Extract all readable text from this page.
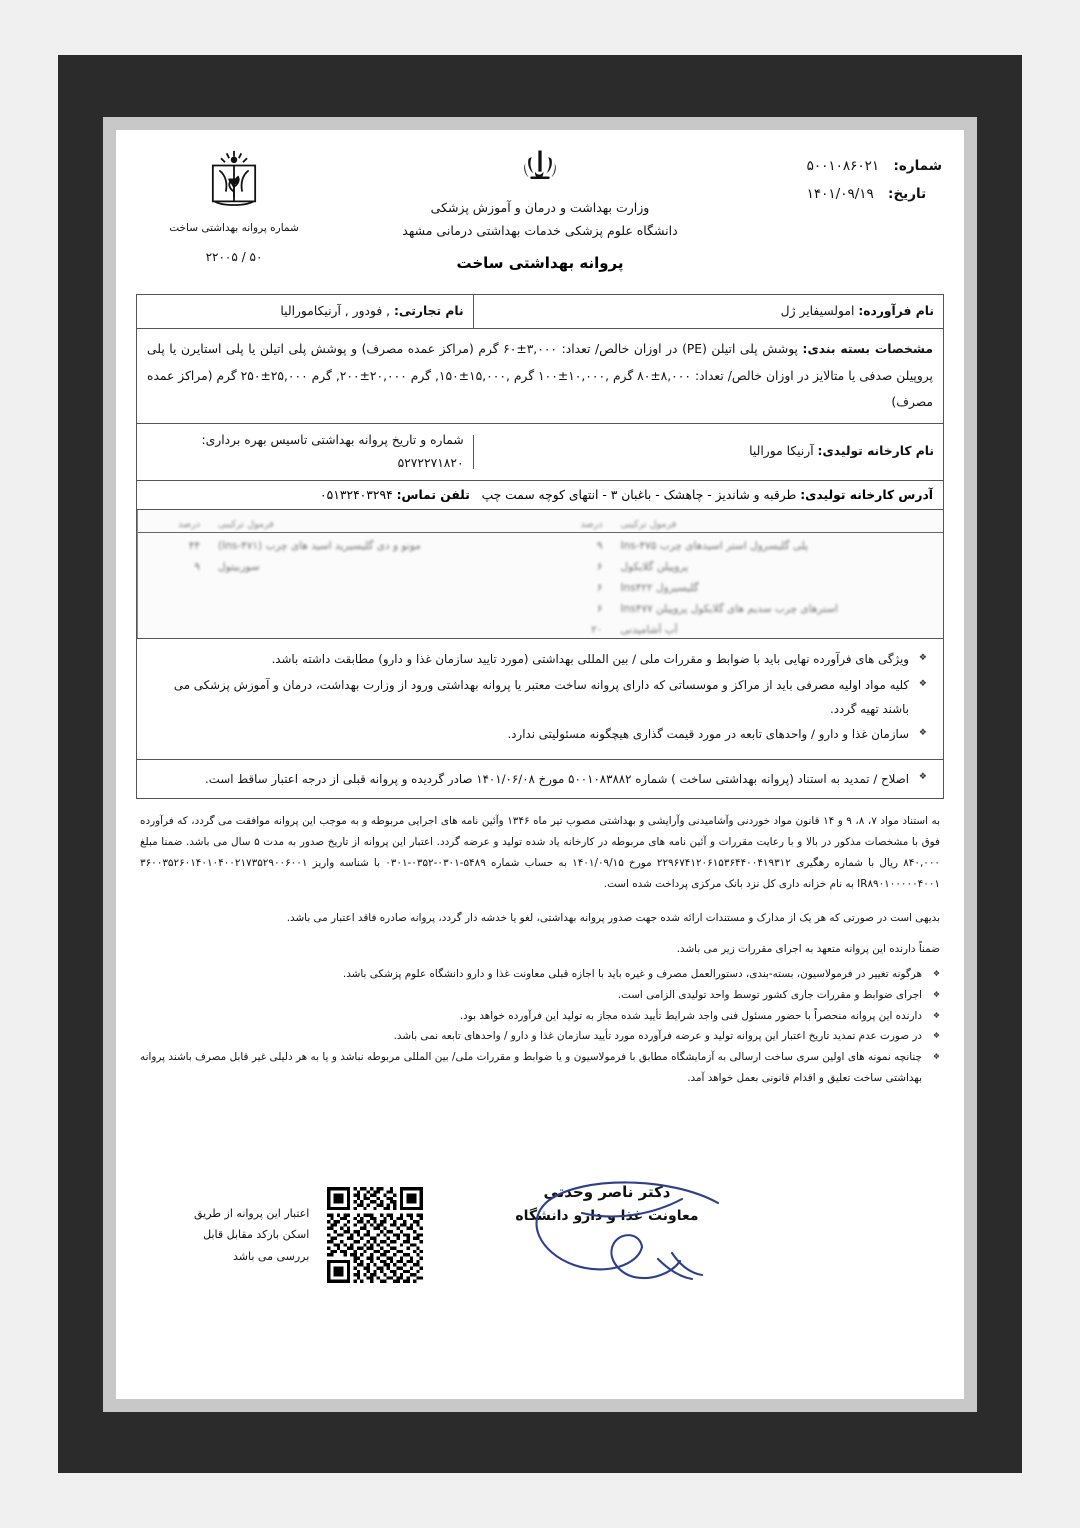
شماره: ۵۰۰۱۰۸۶۰۲۱
تاریخ: ۱۴۰۱/۰۹/۱۹
وزارت بهداشت و درمان و آموزش پزشکی
دانشگاه علوم پزشکی خدمات بهداشتی درمانی مشهد
پروانه بهداشتی ساخت
شماره پروانه بهداشتی ساخت
۵۰ / ۲۲۰۰۵
نام فرآورده: امولسیفایر ژل
نام تجارتی: , فودور , آرنیکاموراليا
مشخصات بسته بندی: پوشش پلی اتیلن (PE) در اوزان خالص/ تعداد: ۳,۰۰۰±۶۰ گرم (مراکز عمده مصرف) و پوشش پلی اتیلن یا پلی استایرن یا پلی پروپیلن صدفی یا متالایز در اوزان خالص/ تعداد: ۸,۰۰۰±۸۰ گرم ,۱۰,۰۰۰±۱۰۰ گرم ,۱۵,۰۰۰±۱۵۰, گرم ۲۰,۰۰۰±۲۰۰, گرم ۲۵,۰۰۰±۲۵۰ گرم (مراکز عمده مصرف)
نام کارخانه تولیدی: آرنیکا مورالیا
شماره و تاریخ پروانه بهداشتی تاسیس بهره برداری: ۵۲۷۲۲۷۱۸۲۰
آدرس کارخانه تولیدی: طرقبه و شاندیز - چاهشک - باغبان ۳ - انتهای کوچه سمت چپ   تلفن تماس: ۰۵۱۳۲۴۰۳۲۹۴
فرمول ترکیبی
درصد
پلی گلیسرول استر اسیدهای چرب Ins-۴۷۵
۹
پروپیلن گلایکول
۶
گلیسیرول Ins۴۲۲
۶
استرهای چرب سدیم های گلایکول پروپیلن Ins۴۷۷
۶
آب آشامیدنی
۲۰
فرمول ترکیبی
درصد
مونو و دی گلیسیرید اسید های چرب (Ins-۴۷۱)
۴۴
سوربیتول
۹
❖ ویژگی های فرآورده نهایی باید با ضوابط و مقررات ملی / بین المللی بهداشتی (مورد تایید سازمان غذا و دارو) مطابقت داشته باشد.
❖ کلیه مواد اولیه مصرفی باید از مراکز و موسساتی که دارای پروانه ساخت معتبر یا پروانه بهداشتی ورود از وزارت بهداشت، درمان و آموزش پزشکی می باشند تهیه گردد.
❖ سازمان غذا و دارو / واحدهای تابعه در مورد قیمت گذاری هیچگونه مسئولیتی ندارد.
❖ اصلاح / تمدید به استناد (پروانه بهداشتی ساخت ) شماره ۵۰۰۱۰۸۳۸۸۲ مورخ ۱۴۰۱/۰۶/۰۸ صادر گردیده و پروانه قبلی از درجه اعتبار ساقط است.
به استناد مواد ۷، ۸، ۹ و ۱۴ قانون مواد خوردنی وآشامیدنی وآرایشی و بهداشتی مصوب تیر ماه ۱۳۴۶ وآئین نامه های اجرایی مربوطه و به موجب این پروانه موافقت می گردد، که فرآورده فوق با مشخصات مذکور در بالا و با رعایت مقررات و آئین نامه های مربوطه در کارخانه یاد شده تولید و عرضه گردد. اعتبار این پروانه از تاریخ صدور به مدت ۵ سال می باشد. ضمنا مبلغ ۸۴۰,۰۰۰ ریال با شماره رهگیری ۲۲۹۶۷۴۱۲۰۶۱۵۳۶۴۴۰۰۴۱۹۳۱۲ مورخ ۱۴۰۱/۰۹/۱۵ به حساب شماره ۵۴۸۹-۰۳۰۱-۰۳۵۲-۰۳۰۱ با شناسه واریز ۳۶۰۰۳۵۲۶۰۱۴۰۱۰۴۰۰۲۱۷۳۵۲۹۰۰۶۰۰۱ IR۸۹۰۱۰۰۰۰۰۴۰۰۱ به نام خزانه داری کل نزد بانک مرکزی پرداخت شده است.
بدیهی است در صورتی که هر یک از مدارک و مستندات ارائه شده جهت صدور پروانه بهداشتی، لغو یا خدشه دار گردد، پروانه صادره فاقد اعتبار می باشد.
ضمناً دارنده این پروانه متعهد به اجرای مقررات زیر می باشد.
❖ هرگونه تغییر در فرمولاسیون، بسته-بندی، دستورالعمل مصرف و غیره باید با اجازه قبلی معاونت غذا و دارو دانشگاه علوم پزشکی باشد.
❖ اجرای ضوابط و مقررات جاری کشور توسط واحد تولیدی الزامی است.
❖ دارنده این پروانه منحصراً با حضور مسئول فنی واجد شرایط تأیید شده مجاز به تولید این فرآورده خواهد بود.
❖ در صورت عدم تمدید تاریخ اعتبار این پروانه تولید و عرضه فرآورده مورد تأیید سازمان غذا و دارو / واحدهای تابعه نمی باشد.
❖ چنانچه نمونه های اولین سری ساخت ارسالی به آزمایشگاه مطابق با فرمولاسیون و یا ضوابط و مقررات ملی/ بین المللی مربوطه نباشد و یا به هر دلیلی غیر قابل مصرف باشند پروانه بهداشتی ساخت تعلیق و اقدام قانونی بعمل خواهد آمد.
دکتر ناصر وحدتی
معاونت غذا و دارو دانشگاه
اعتبار این پروانه از طریق
اسکن بارکد مقابل قابل
بررسی می باشد
